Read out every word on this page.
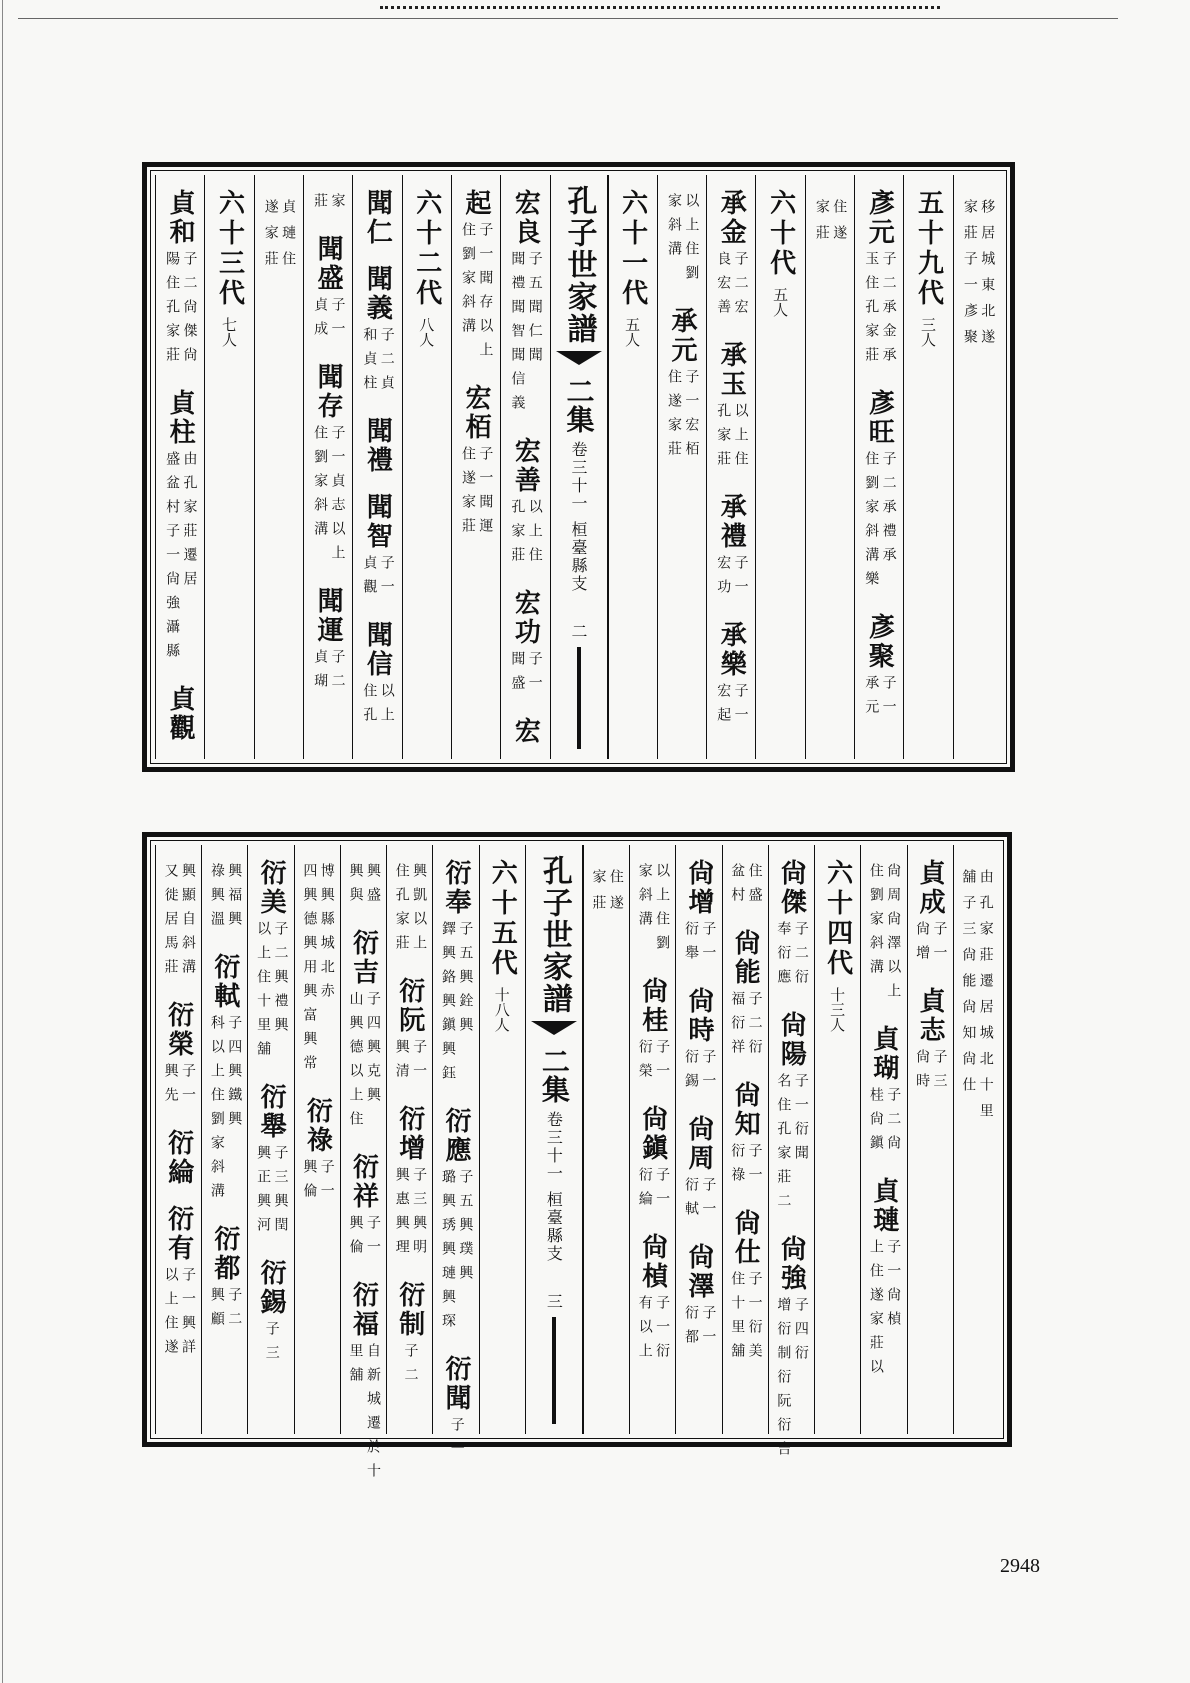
移居城東北遂
家莊子一彥聚
五十九代
三人
彥元
子二承金承
玉住孔家莊
彥旺
子二承禮承
住劉家斜溝樂
彥聚
子一
承元
住遂
家莊
六十代
五人
承金
子二宏
良宏善
承玉
以上住
孔家莊
承禮
子一
宏功
承樂
子一
宏起
以上住劉
家斜溝
承元
子一宏栢
住遂家莊
六十一代
五人
孔子世家譜
二集
卷三十一
桓臺縣支
二
宏良
子五聞仁聞
聞禮聞智聞信義
宏善
以上住
孔家莊
宏功
子一
聞盛
宏
起
子一聞存以上
住劉家斜溝
宏栢
子一聞運
住遂家莊
六十二代
八人
聞仁
聞義
子二貞
和貞柱
聞禮
聞智
子一
貞觀
聞信
以上
住孔
家
莊
聞盛
子一
貞成
聞存
子一貞志以上
住劉家斜溝
聞運
子二
貞瑚
貞璉住
遂家莊
六十三代
七人
貞和
子二尙傑尙
陽住孔家莊
貞柱
由孔家莊遷居
盛盆村子一尙強灄縣
貞觀
由孔家莊遷居城北十里
舖子三尙能尙知尙仕
貞成
子一
尙增
貞志
子三
尙時
尙周尙澤以上
住劉家斜溝
貞瑚
子二尙
桂尙鎭
貞璉
子一尙楨
上住遂家莊以
六十四代
十三人
尙傑
子二衍
奉衍應
尙陽
子一衍聞
名住孔家莊二
尙強
子四衍
增衍制衍阮衍吉
住盛
盆村
尙能
子二衍
福衍祥
尙知
子一
衍祿
尙仕
子一衍美
住十里舖
尙增
子一
衍舉
尙時
子一
衍錫
尙周
子一
衍軾
尙澤
子一
衍都
以上住劉
家斜溝
尙桂
子一
衍榮
尙鎭
子一
衍綸
尙楨
子一衍
有以上
住遂
家莊
孔子世家譜
二集
卷三十一
桓臺縣支
三
六十五代
十八人
衍奉
子五興銓興
鐸興鉻興鎭興鈺
衍應
子五興璞興
璐興琇興璉興琛
衍聞
子一
興凱以上
住孔家莊
衍阮
子一
興清
衍增
子三興明
興惠興理
衍制
子二
興盛
興與
衍吉
子四興克興
山興德以上住
衍祥
子一
興倫
衍福
自新城遷於十
里舖
博興縣城北赤
四興德興用興富興常
衍祿
子一
興倫
衍美
子二興禮興
以上住十里舖
衍舉
子三興閏
興正興河
衍錫
子三
興福興
祿興溫
衍軾
子四興鐵興
科以上住劉家斜溝
衍都
子二
興顧
興顯自斜溝
又徙居馬莊
衍榮
子一
興先
衍綸
衍有
子一興詳
以上住遂
2948
